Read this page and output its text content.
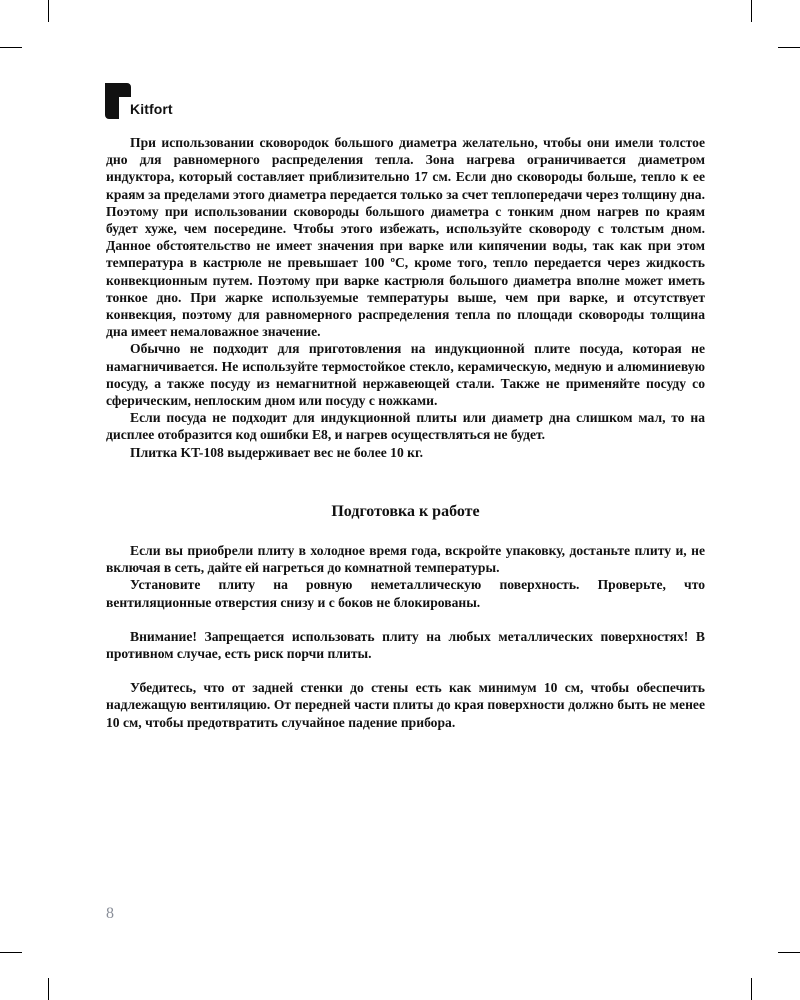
Kitfort

При использовании сковородок большого диаметра желательно, чтобы они имели толстое дно для равномерного распределения тепла. Зона нагрева ограничивается диаметром индуктора, который составляет приблизительно 17 см. Если дно сковороды больше, тепло к ее краям за пределами этого диаметра передается только за счет теплопередачи через толщину дна. Поэтому при использовании сковороды большого диаметра с тонким дном нагрев по краям будет хуже, чем посередине. Чтобы этого избежать, используйте сковороду с толстым дном. Данное обстоятельство не имеет значения при варке или кипячении воды, так как при этом температура в кастрюле не превышает 100 ºС, кроме того, тепло передается через жидкость конвекционным путем. Поэтому при варке кастрюля большого диаметра вполне может иметь тонкое дно. При жарке используемые температуры выше, чем при варке, и отсутствует конвекция, поэтому для равномерного распределения тепла по площади сковороды толщина дна имеет немаловажное значение.

Обычно не подходит для приготовления на индукционной плите посуда, которая не намагничивается. Не используйте термостойкое стекло, керамическую, медную и алюминиевую посуду, а также посуду из немагнитной нержавеющей стали. Также не применяйте посуду со сферическим, неплоским дном или посуду с ножками.

Если посуда не подходит для индукционной плиты или диаметр дна слишком мал, то на дисплее отобразится код ошибки Е8, и нагрев осуществляться не будет.

Плитка KT-108 выдерживает вес не более 10 кг.

Подготовка к работе

Если вы приобрели плиту в холодное время года, вскройте упаковку, достаньте плиту и, не включая в сеть, дайте ей нагреться до комнатной температуры.

Установите плиту на ровную неметаллическую поверхность. Проверьте, что вентиляционные отверстия снизу и с боков не блокированы.

Внимание! Запрещается использовать плиту на любых металлических поверхностях! В противном случае, есть риск порчи плиты.

Убедитесь, что от задней стенки до стены есть как минимум 10 см, чтобы обеспечить надлежащую вентиляцию. От передней части плиты до края поверхности должно быть не менее 10 см, чтобы предотвратить случайное падение прибора.

8
